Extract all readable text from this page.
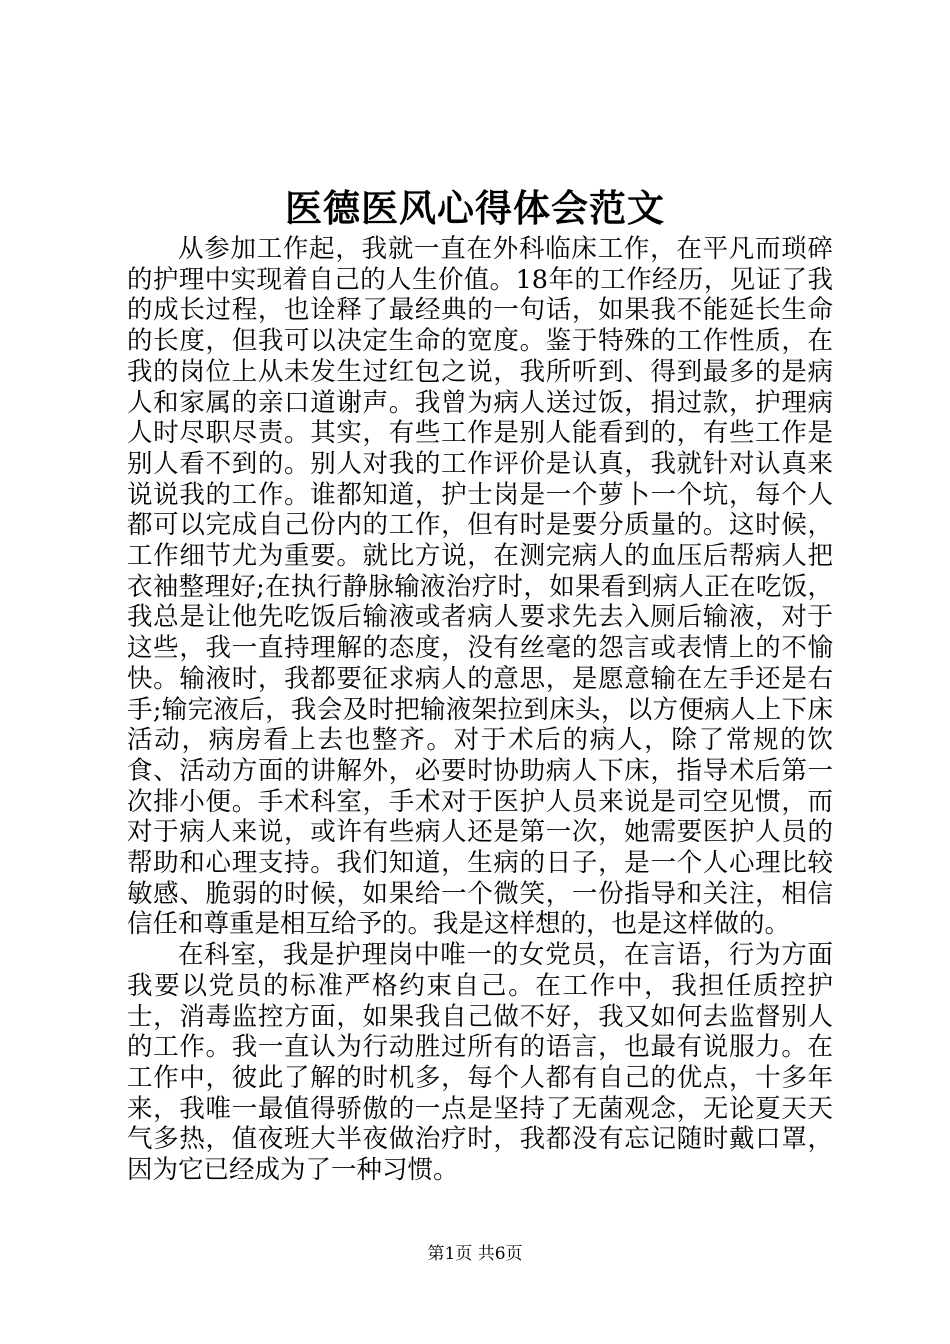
医德医风心得体会范文

从参加工作起，我就一直在外科临床工作，在平凡而琐碎的护理中实现着自己的人生价值。18年的工作经历，见证了我的成长过程，也诠释了最经典的一句话，如果我不能延长生命的长度，但我可以决定生命的宽度。鉴于特殊的工作性质，在我的岗位上从未发生过红包之说，我所听到、得到最多的是病人和家属的亲口道谢声。我曾为病人送过饭，捐过款，护理病人时尽职尽责。其实，有些工作是别人能看到的，有些工作是别人看不到的。别人对我的工作评价是认真，我就针对认真来说说我的工作。谁都知道，护士岗是一个萝卜一个坑，每个人都可以完成自己份内的工作，但有时是要分质量的。这时候，工作细节尤为重要。就比方说，在测完病人的血压后帮病人把衣袖整理好;在执行静脉输液治疗时，如果看到病人正在吃饭，我总是让他先吃饭后输液或者病人要求先去入厕后输液，对于这些，我一直持理解的态度，没有丝毫的怨言或表情上的不愉快。输液时，我都要征求病人的意思，是愿意输在左手还是右手;输完液后，我会及时把输液架拉到床头，以方便病人上下床活动，病房看上去也整齐。对于术后的病人，除了常规的饮食、活动方面的讲解外，必要时协助病人下床，指导术后第一次排小便。手术科室，手术对于医护人员来说是司空见惯，而对于病人来说，或许有些病人还是第一次，她需要医护人员的帮助和心理支持。我们知道，生病的日子，是一个人心理比较敏感、脆弱的时候，如果给一个微笑，一份指导和关注，相信信任和尊重是相互给予的。我是这样想的，也是这样做的。

在科室，我是护理岗中唯一的女党员，在言语，行为方面我要以党员的标准严格约束自己。在工作中，我担任质控护士，消毒监控方面，如果我自己做不好，我又如何去监督别人的工作。我一直认为行动胜过所有的语言，也最有说服力。在工作中，彼此了解的时机多，每个人都有自己的优点，十多年来，我唯一最值得骄傲的一点是坚持了无菌观念，无论夏天天气多热，值夜班大半夜做治疗时，我都没有忘记随时戴口罩，因为它已经成为了一种习惯。

第1页 共6页
